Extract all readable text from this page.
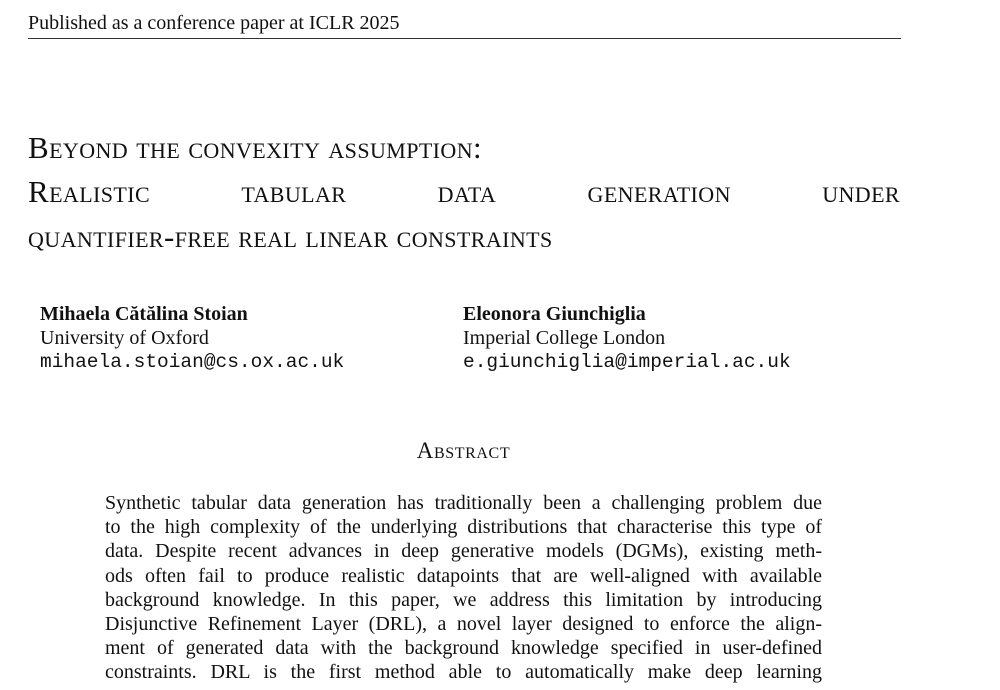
Published as a conference paper at ICLR 2025
Beyond the convexity assumption:
Realistic tabular data generation under
quantifier-free real linear constraints
Mihaela Cătălina Stoian
University of Oxford
mihaela.stoian@cs.ox.ac.uk
Eleonora Giunchiglia
Imperial College London
e.giunchiglia@imperial.ac.uk
Abstract
Synthetic tabular data generation has traditionally been a challenging problem due
to the high complexity of the underlying distributions that characterise this type of
data. Despite recent advances in deep generative models (DGMs), existing meth-
ods often fail to produce realistic datapoints that are well-aligned with available
background knowledge. In this paper, we address this limitation by introducing
Disjunctive Refinement Layer (DRL), a novel layer designed to enforce the align-
ment of generated data with the background knowledge specified in user-defined
constraints. DRL is the first method able to automatically make deep learning
